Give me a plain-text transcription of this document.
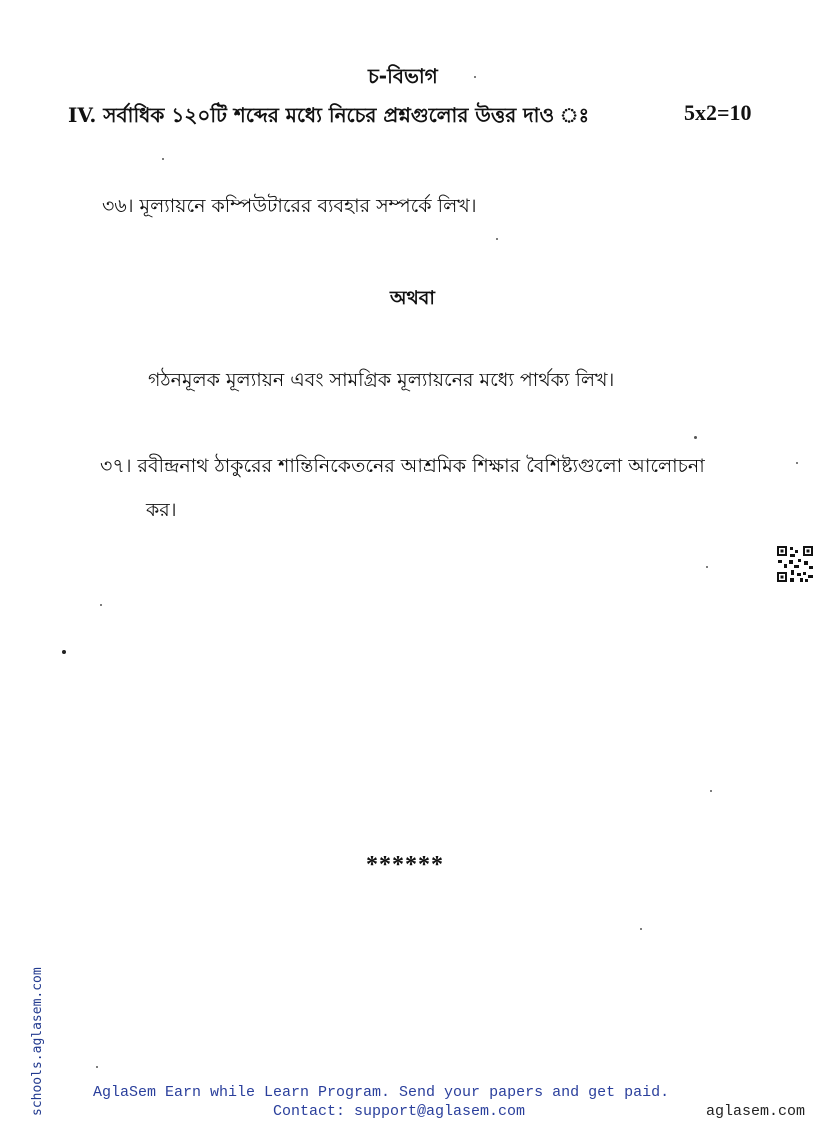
চ-বিভাগ
IV. সর্বাধিক ১২০টি শব্দের মধ্যে নিচের প্রশ্নগুলোর উত্তর দাও ঃ	5x2=10
৩৬। মূল্যায়নে কম্পিউটারের ব্যবহার সম্পর্কে লিখ।
অথবা
গঠনমূলক মূল্যায়ন এবং সামগ্রিক মূল্যায়নের মধ্যে পার্থক্য লিখ।
৩৭। রবীন্দ্রনাথ ঠাকুরের শান্তিনিকেতনের আশ্রমিক শিক্ষার বৈশিষ্ট্যগুলো আলোচনা
কর।
******
schools.aglasem.com	AglaSem Earn while Learn Program. Send your papers and get paid.
Contact: support@aglasem.com	aglasem.com
